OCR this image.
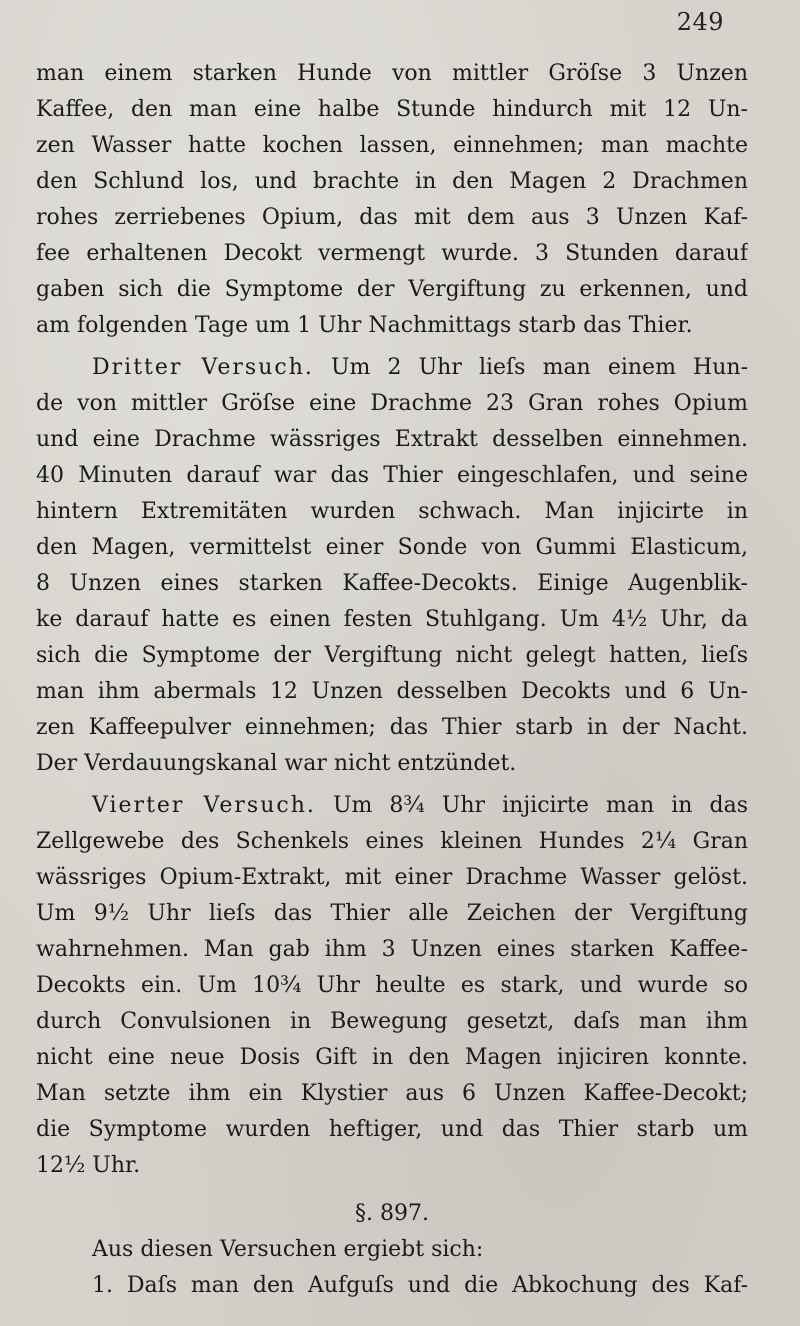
249
man einem starken Hunde von mittler Gröſse 3 Unzen
Kaffee, den man eine halbe Stunde hindurch mit 12 Un-
zen Wasser hatte kochen lassen, einnehmen; man machte
den Schlund los, und brachte in den Magen 2 Drachmen
rohes zerriebenes Opium, das mit dem aus 3 Unzen Kaf-
fee erhaltenen Decokt vermengt wurde. 3 Stunden darauf
gaben sich die Symptome der Vergiftung zu erkennen, und
am folgenden Tage um 1 Uhr Nachmittags starb das Thier.
Dritter Versuch. Um 2 Uhr lieſs man einem Hun-
de von mittler Gröſse eine Drachme 23 Gran rohes Opium
und eine Drachme wässriges Extrakt desselben einnehmen.
40 Minuten darauf war das Thier eingeschlafen, und seine
hintern Extremitäten wurden schwach. Man injicirte in
den Magen, vermittelst einer Sonde von Gummi Elasticum,
8 Unzen eines starken Kaffee-Decokts. Einige Augenblik-
ke darauf hatte es einen festen Stuhlgang. Um 4½ Uhr, da
sich die Symptome der Vergiftung nicht gelegt hatten, lieſs
man ihm abermals 12 Unzen desselben Decokts und 6 Un-
zen Kaffeepulver einnehmen; das Thier starb in der Nacht.
Der Verdauungskanal war nicht entzündet.
Vierter Versuch. Um 8¾ Uhr injicirte man in das
Zellgewebe des Schenkels eines kleinen Hundes 2¼ Gran
wässriges Opium-Extrakt, mit einer Drachme Wasser gelöst.
Um 9½ Uhr lieſs das Thier alle Zeichen der Vergiftung
wahrnehmen. Man gab ihm 3 Unzen eines starken Kaffee-
Decokts ein. Um 10¾ Uhr heulte es stark, und wurde so
durch Convulsionen in Bewegung gesetzt, daſs man ihm
nicht eine neue Dosis Gift in den Magen injiciren konnte.
Man setzte ihm ein Klystier aus 6 Unzen Kaffee-Decokt;
die Symptome wurden heftiger, und das Thier starb um
12½ Uhr.
§. 897.
Aus diesen Versuchen ergiebt sich:
1. Daſs man den Aufguſs und die Abkochung des Kaf-
